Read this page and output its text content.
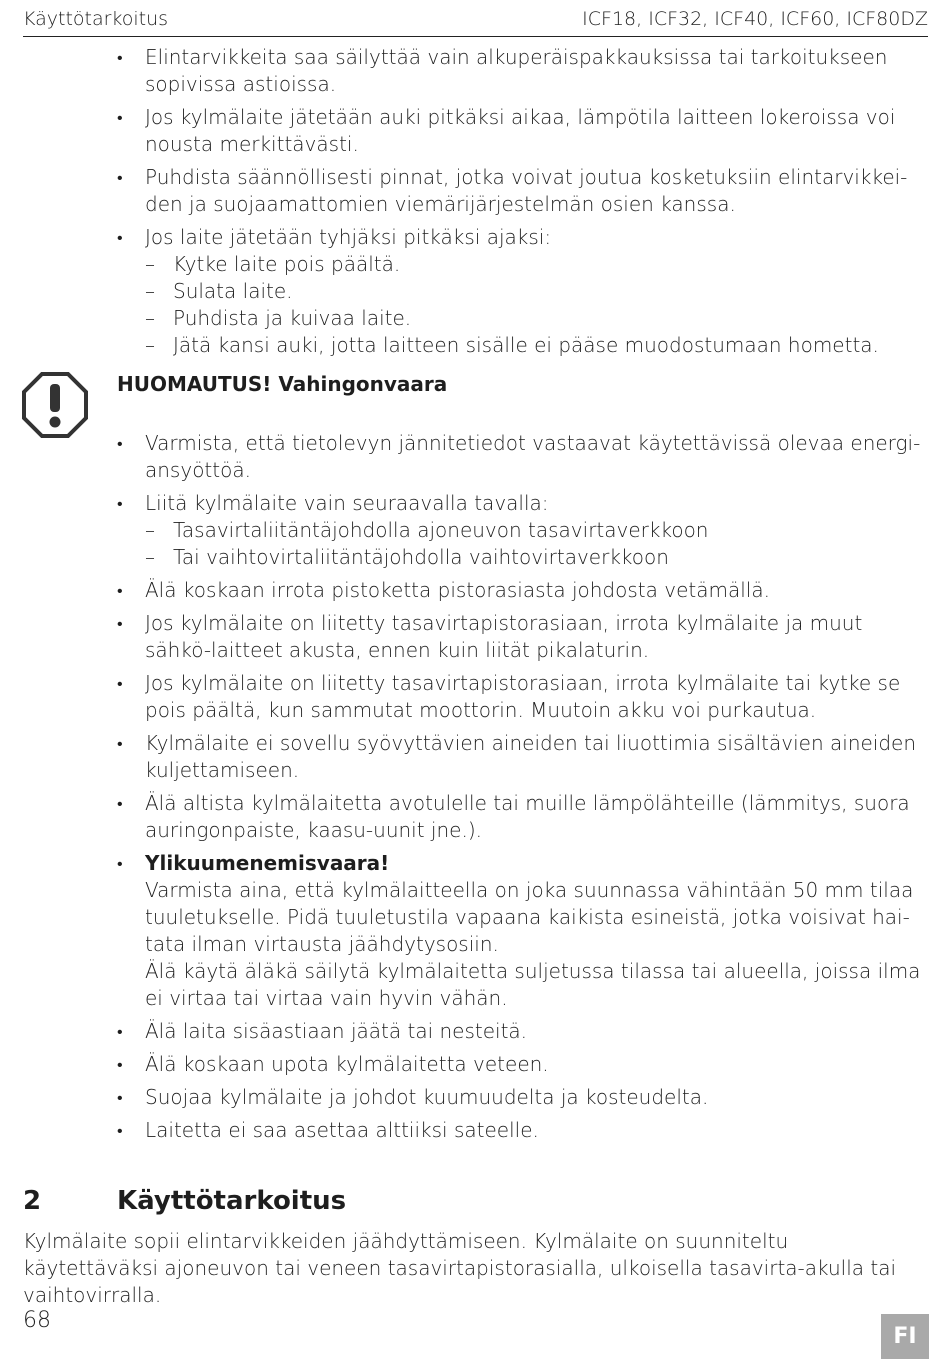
Käyttötarkoitus	ICF18, ICF32, ICF40, ICF60, ICF80DZ
• Elintarvikkeita saa säilyttää vain alkuperäispakkauksissa tai tarkoitukseen sopivissa astioissa.
• Jos kylmälaite jätetään auki pitkäksi aikaa, lämpötila laitteen lokeroissa voi nousta merkittävästi.
• Puhdista säännöllisesti pinnat, jotka voivat joutua kosketuksiin elintarvikkei-den ja suojaamattomien viemärijärjestelmän osien kanssa.
• Jos laite jätetään tyhjäksi pitkäksi ajaksi:
– Kytke laite pois päältä.
– Sulata laite.
– Puhdista ja kuivaa laite.
– Jätä kansi auki, jotta laitteen sisälle ei pääse muodostumaan hometta.
HUOMAUTUS! Vahingonvaara
• Varmista, että tietolevyn jännitetiedot vastaavat käytettävissä olevaa energi-ansyöttöä.
• Liitä kylmälaite vain seuraavalla tavalla:
– Tasavirtaliitäntäjohdolla ajoneuvon tasavirtaverkkoon
– Tai vaihtovirtaliitäntäjohdolla vaihtovirtaverkkoon
• Älä koskaan irrota pistoketta pistorasiasta johdosta vetämällä.
• Jos kylmälaite on liitetty tasavirtapistorasiaan, irrota kylmälaite ja muut sähkö-laitteet akusta, ennen kuin liität pikalaturin.
• Jos kylmälaite on liitetty tasavirtapistorasiaan, irrota kylmälaite tai kytke se pois päältä, kun sammutat moottorin. Muutoin akku voi purkautua.
• Kylmälaite ei sovellu syövyttävien aineiden tai liuottimia sisältävien aineiden kuljettamiseen.
• Älä altista kylmälaitetta avotulelle tai muille lämpölähteille (lämmitys, suora auringonpaiste, kaasu-uunit jne.).
• Ylikuumenemisvaara!
Varmista aina, että kylmälaitteella on joka suunnassa vähintään 50 mm tilaa tuuletukselle. Pidä tuuletustila vapaana kaikista esineistä, jotka voisivat hai-tata ilman virtausta jäähdytysosiin.
Älä käytä äläkä säilytä kylmälaitetta suljetussa tilassa tai alueella, joissa ilma ei virtaa tai virtaa vain hyvin vähän.
• Älä laita sisäastiaan jäätä tai nesteitä.
• Älä koskaan upota kylmälaitetta veteen.
• Suojaa kylmälaite ja johdot kuumuudelta ja kosteudelta.
• Laitetta ei saa asettaa alttiiksi sateelle.
2	Käyttötarkoitus
Kylmälaite sopii elintarvikkeiden jäähdyttämiseen. Kylmälaite on suunniteltu käytettäväksi ajoneuvon tai veneen tasavirtapistorasialla, ulkoisella tasavirta-akulla tai vaihtovirralla.
68
FI
